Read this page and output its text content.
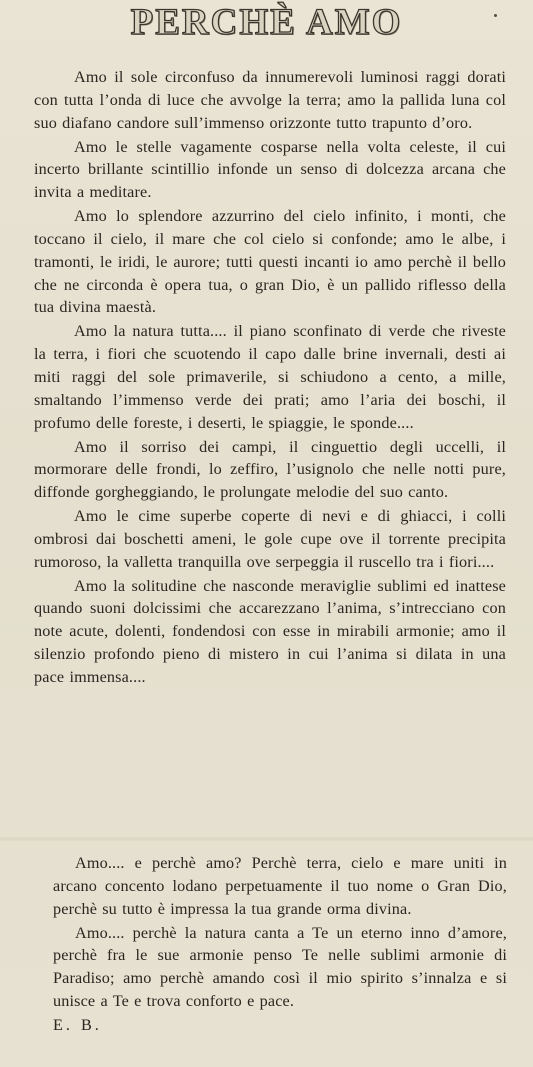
PERCHÈ AMO

Amo il sole circonfuso da innumerevoli luminosi raggi dorati con tutta l’onda di luce che avvolge la terra; amo la pallida luna col suo diafano candore sull’immenso orizzonte tutto trapunto d’oro.

Amo le stelle vagamente cosparse nella volta celeste, il cui incerto brillante scintillio infonde un senso di dolcezza arcana che invita a meditare.

Amo lo splendore azzurrino del cielo infinito, i monti, che toccano il cielo, il mare che col cielo si confonde; amo le albe, i tramonti, le iridi, le aurore; tutti questi incanti io amo perchè il bello che ne circonda è opera tua, o gran Dio, è un pallido riflesso della tua divina maestà.

Amo la natura tutta.... il piano sconfinato di verde che riveste la terra, i fiori che scuotendo il capo dalle brine invernali, desti ai miti raggi del sole primaverile, si schiudono a cento, a mille, smaltando l’immenso verde dei prati; amo l’aria dei boschi, il profumo delle foreste, i deserti, le spiaggie, le sponde....

Amo il sorriso dei campi, il cinguettio degli uccelli, il mormorare delle frondi, lo zeffiro, l’usignolo che nelle notti pure, diffonde gorgheggiando, le prolungate melodie del suo canto.

Amo le cime superbe coperte di nevi e di ghiacci, i colli ombrosi dai boschetti ameni, le gole cupe ove il torrente precipita rumoroso, la valletta tranquilla ove serpeggia il ruscello tra i fiori....

Amo la solitudine che nasconde meraviglie sublimi ed inattese quando suoni dolcissimi che accarezzano l’anima, s’intrecciano con note acute, dolenti, fondendosi con esse in mirabili armonie; amo il silenzio profondo pieno di mistero in cui l’anima si dilata in una pace immensa....

Amo.... e perchè amo? Perchè terra, cielo e mare uniti in arcano concento lodano perpetuamente il tuo nome o Gran Dio, perchè su tutto è impressa la tua grande orma divina.

Amo.... perchè la natura canta a Te un eterno inno d’amore, perchè fra le sue armonie penso Te nelle sublimi armonie di Paradiso; amo perchè amando così il mio spirito s’innalza e si unisce a Te e trova conforto e pace.

E. B.
